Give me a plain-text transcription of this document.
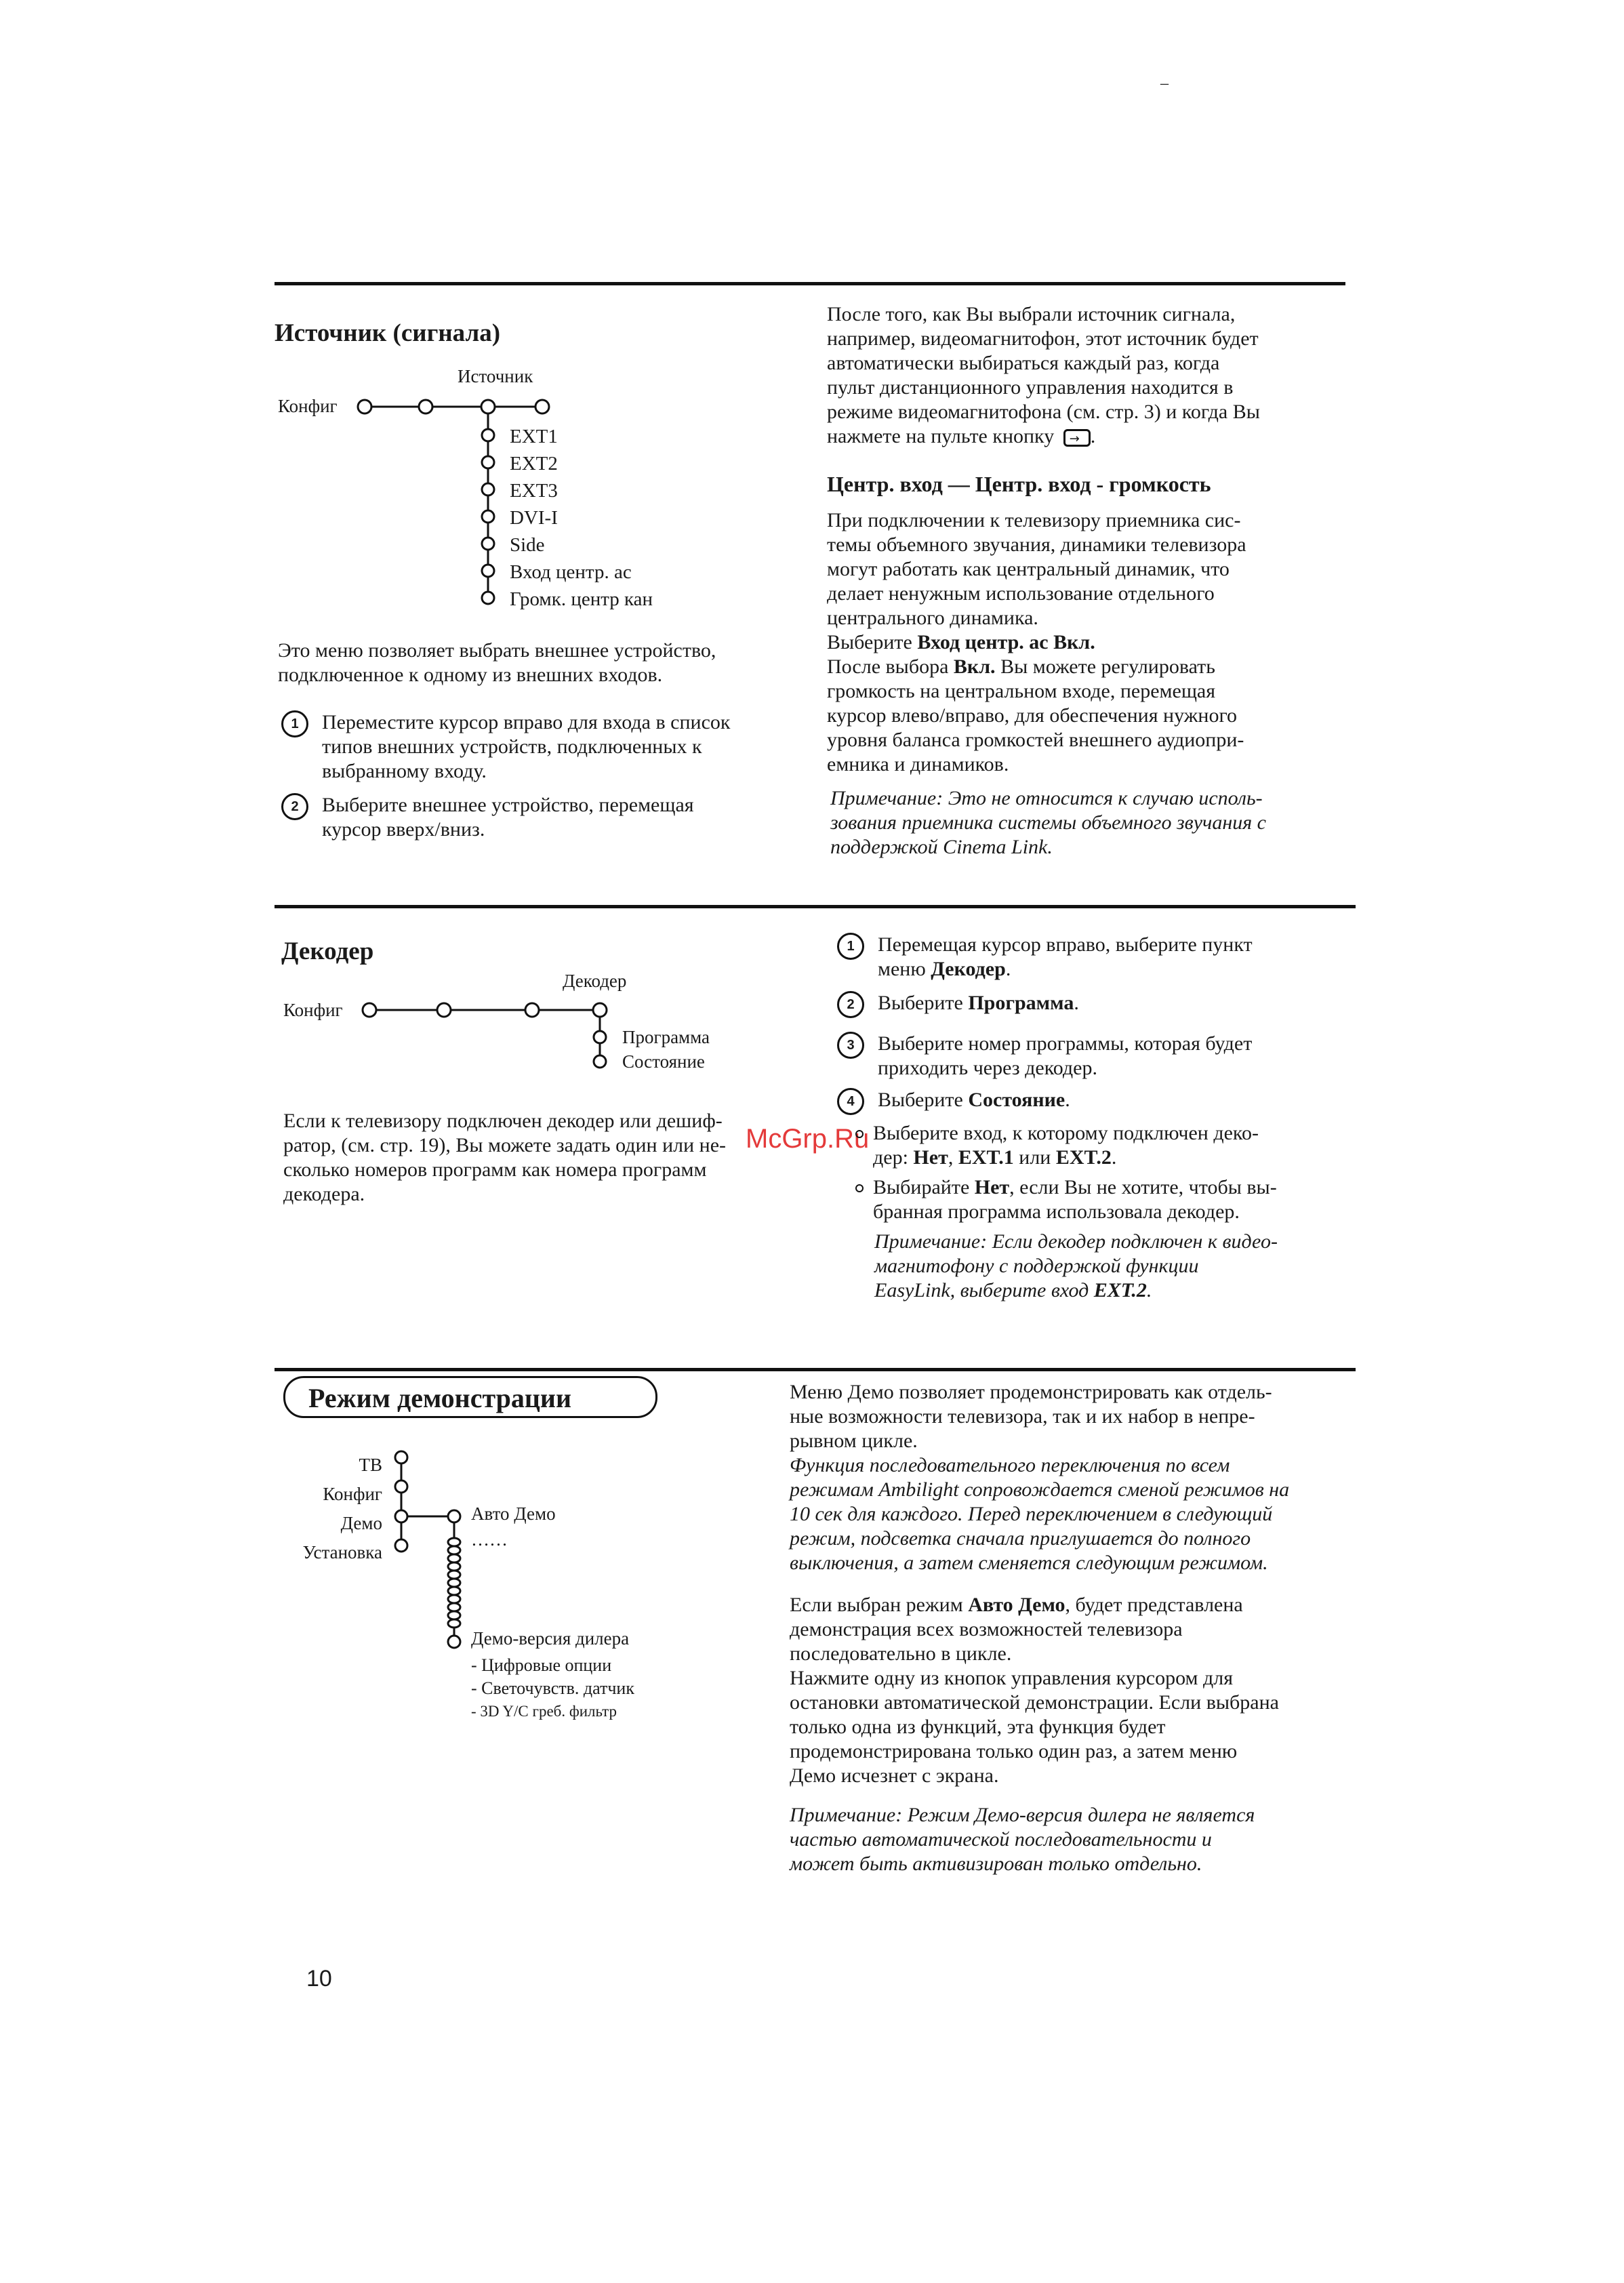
–
Источник (сигнала)
Источник
Конфиг
EXT1
EXT2
EXT3
DVI-I
Side
Вход центр. ac
Громк. центр кан
Это меню позволяет выбрать внешнее устройство,
подключенное к одному из внешних входов.
1	Переместите курсор вправо для входа в список
типов внешних устройств, подключенных к
выбранному входу.
2	Выберите внешнее устройство, перемещая
курсор вверх/вниз.
После того, как Вы выбрали источник сигнала,
например, видеомагнитофон, этот источник будет
автоматически выбираться каждый раз, когда
пульт дистанционного управления находится в
режиме видеомагнитофона (см. стр. 3) и когда Вы
нажмете на пульте кнопку → .
Центр. вход — Центр. вход - громкость
При подключении к телевизору приемника сис-
темы объемного звучания, динамики телевизора
могут работать как центральный динамик, что
делает ненужным использование отдельного
центрального динамика.
Выберите Вход центр. ac Вкл.
После выбора Вкл. Вы можете регулировать
громкость на центральном входе, перемещая
курсор влево/вправо, для обеспечения нужного
уровня баланса громкостей внешнего аудиопри-
емника и динамиков.
Примечание: Это не относится к случаю исполь-
зования приемника системы объемного звучания с
поддержкой Cinema Link.
Декодер
Декодер
Конфиг
Программа
Состояние
Если к телевизору подключен декодер или дешиф-
ратор, (см. стр. 19), Вы можете задать один или не-
сколько номеров программ как номера программ
декодера.
McGrp.Ru
1	Перемещая курсор вправо, выберите пункт
меню Декодер.
2	Выберите Программа.
3	Выберите номер программы, которая будет
приходить через декодер.
4	Выберите Состояние.
Выберите вход, к которому подключен деко-
дер: Нет, EXT.1 или EXT.2.
Выбирайте Нет, если Вы не хотите, чтобы вы-
бранная программа использовала декодер.
Примечание: Если декодер подключен к видео-
магнитофону с поддержкой функции
EasyLink, выберите вход EXT.2.
Режим демонстрации
ТВ
Конфиг
Демо
Установка
Авто Демо
……
Демо-версия дилера
- Цифровые опции
- Светочувств. датчик
- 3D Y/C греб. фильтр
Меню Демо позволяет продемонстрировать как отдель-
ные возможности телевизора, так и их набор в непре-
рывном цикле.
Функция последовательного переключения по всем
режимам Ambilight сопровождается сменой режимов на
10 сек для каждого. Перед переключением в следующий
режим, подсветка сначала приглушается до полного
выключения, а затем сменяется следующим режимом.
Если выбран режим Авто Демо, будет представлена
демонстрация всех возможностей телевизора
последовательно в цикле.
Нажмите одну из кнопок управления курсором для
остановки автоматической демонстрации. Если выбрана
только одна из функций, эта функция будет
продемонстрирована только один раз, а затем меню
Демо исчезнет с экрана.
Примечание: Режим Демо-версия дилера не является
частью автоматической последовательности и
может быть активизирован только отдельно.
10
